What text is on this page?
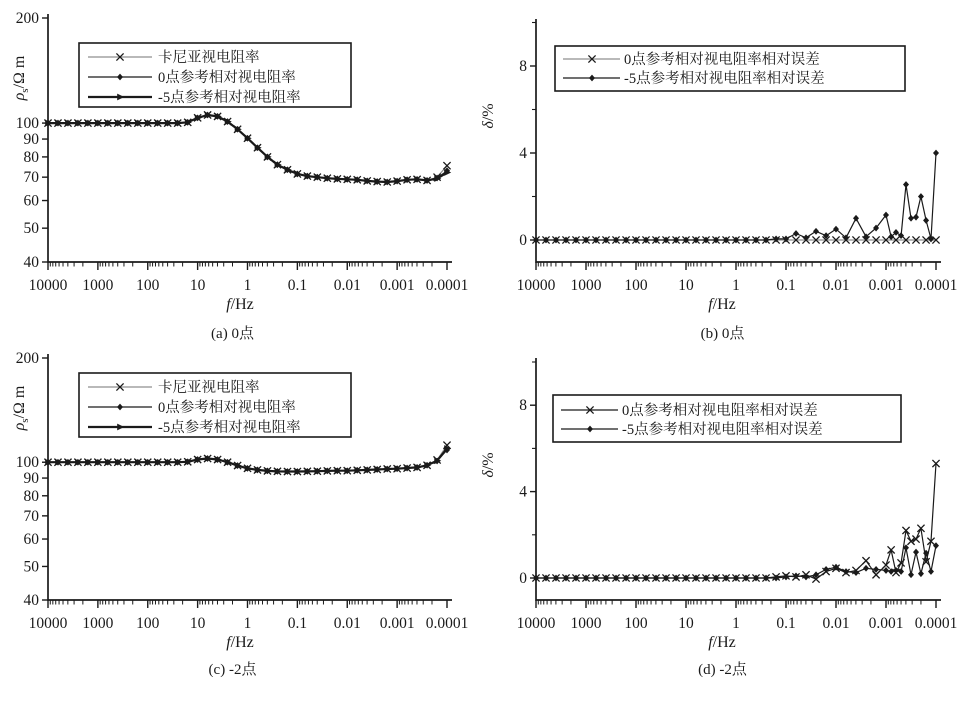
10000 1000 100 10 1 0.1 0.01 0.001 0.0001
200
100
90
80
70
60
50
40
卡尼亚视电阻率
0点参考相对视电阻率
-5点参考相对视电阻率
10000 1000 100 10 1 0.1 0.01 0.001 0.0001
8
4
0
0点参考相对视电阻率相对误差
-5点参考相对视电阻率相对误差
10000 1000 100 10 1 0.1 0.01 0.001 0.0001
200
100
90
80
70
60
50
40
卡尼亚视电阻率
0点参考相对视电阻率
-5点参考相对视电阻率
10000 1000 100 10 1 0.1 0.01 0.001 0.0001
8
4
0
0点参考相对视电阻率相对误差
-5点参考相对视电阻率相对误差
$\rho_s/\Omega$ m
δ/%
$\rho_s/\Omega$ m
δ/%
f/Hz	f/Hz
f/Hz	f/Hz
(a) 0点	(b) 0点
(c) -2点	(d) -2点
